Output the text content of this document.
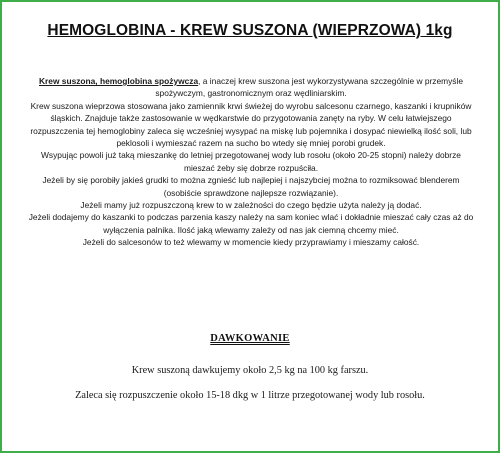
HEMOGLOBINA - KREW SUSZONA (WIEPRZOWA) 1kg

Krew suszona, hemoglobina spożywcza, a inaczej krew suszona jest wykorzystywana szczególnie w przemyśle spożywczym, gastronomicznym oraz wędliniarskim.

Krew suszona wieprzowa stosowana jako zamiennik krwi świeżej do wyrobu salcesonu czarnego, kaszanki i krupników śląskich. Znajduje także zastosowanie w wędkarstwie do przygotowania zanęty na ryby. W celu łatwiejszego rozpuszczenia tej hemoglobiny zaleca się wcześniej wysypać na miskę lub pojemnika i dosypać niewielką ilość soli, lub peklosoli i wymieszać razem na sucho bo wtedy się mniej porobi grudek.

Wsypując powoli już taką mieszankę do letniej przegotowanej wody lub rosołu (około 20-25 stopni) należy dobrze mieszać żeby się dobrze rozpuściła.

Jeżeli by się porobiły jakieś grudki to można zgnieść lub najlepiej i najszybciej można to rozmiksować blenderem (osobiście sprawdzone najlepsze rozwiązanie).

Jeżeli mamy już rozpuszczoną krew to w zależności do czego będzie użyta należy ją dodać.

Jeżeli dodajemy do kaszanki to podczas parzenia kaszy należy na sam koniec wlać i dokładnie mieszać cały czas aż do wyłączenia palnika. Ilość jaką wlewamy zależy od nas jak ciemną chcemy mieć.

Jeżeli do salcesonów to też wlewamy w momencie kiedy przyprawiamy i mieszamy całość.

DAWKOWANIE
Krew suszoną dawkujemy około 2,5 kg na 100 kg farszu.
Zaleca się rozpuszczenie około 15-18 dkg w 1 litrze przegotowanej wody lub rosołu.
